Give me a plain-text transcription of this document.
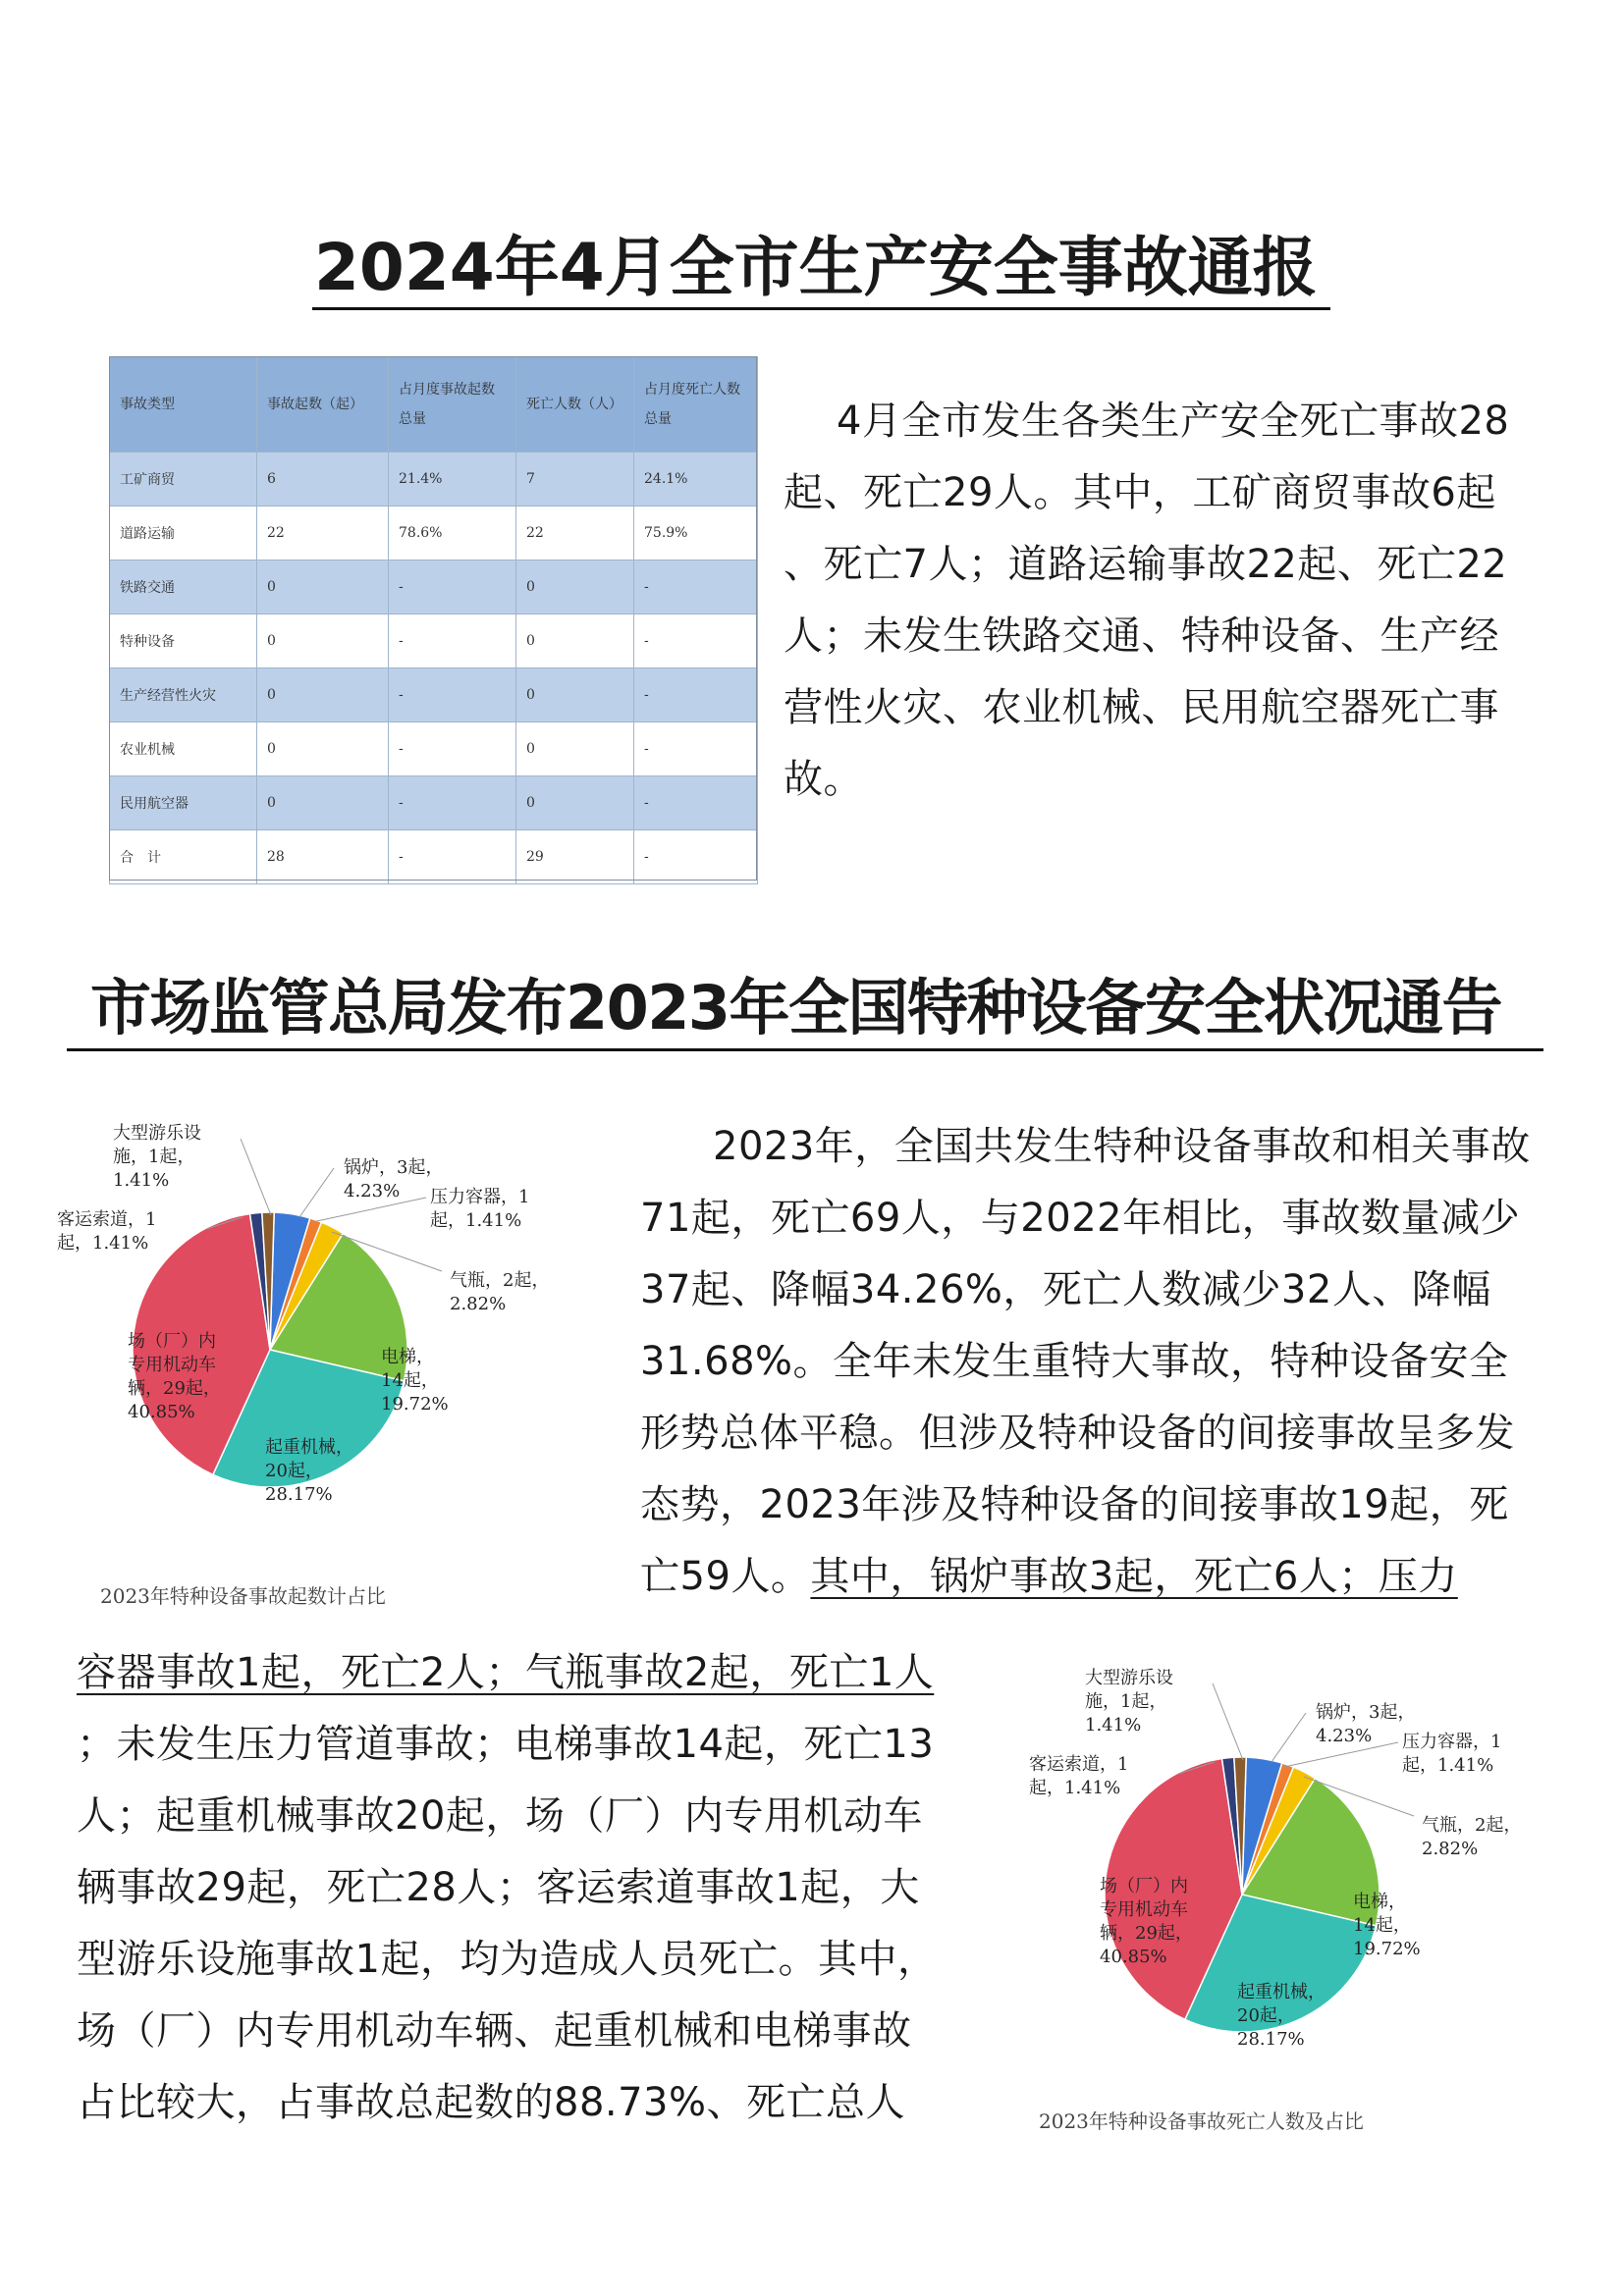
2024年4月全市生产安全事故通报
事故类型	事故起数（起）	占月度事故起数总量	死亡人数（人）	占月度死亡人数总量
工矿商贸	6	21.4%	7	24.1%
道路运输	22	78.6%	22	75.9%
铁路交通	0	-	0	-
特种设备	0	-	0	-
生产经营性火灾	0	-	0	-
农业机械	0	-	0	-
民用航空器	0	-	0	-
合　计	28	-	29	-

4月全市发生各类生产安全死亡事故28

起、死亡29人。其中，工矿商贸事故6起

、死亡7人；道路运输事故22起、死亡22

人；未发生铁路交通、特种设备、生产经

营性火灾、农业机械、民用航空器死亡事

故。

市场监管总局发布2023年全国特种设备安全状况通告
锅炉，3起， 4.23%	压力容器，1 起，1.41%
气瓶，2起， 2.82%
电梯， 14起， 19.72%
起重机械， 20起， 28.17%
场（厂）内专用机动车辆，29起， 40.85%
客运索道，1 起，1.41%
大型游乐设施，1起， 1.41%
2023年特种设备事故起数计占比

2023年，全国共发生特种设备事故和相关事故

71起，死亡69人，与2022年相比，事故数量减少

37起、降幅34.26%，死亡人数减少32人、降幅

31.68%。全年未发生重特大事故，特种设备安全

形势总体平稳。但涉及特种设备的间接事故呈多发

态势，2023年涉及特种设备的间接事故19起，死

亡59人。其中，锅炉事故3起，死亡6人；压力

容器事故1起，死亡2人；气瓶事故2起，死亡1人

；未发生压力管道事故；电梯事故14起，死亡13

人；起重机械事故20起，场（厂）内专用机动车

辆事故29起，死亡28人；客运索道事故1起，大

型游乐设施事故1起，均为造成人员死亡。其中，

场（厂）内专用机动车辆、起重机械和电梯事故

占比较大，占事故总起数的88.73%、死亡总人

锅炉，3起， 4.23%	压力容器，1 起，1.41%
气瓶，2起， 2.82%
电梯， 14起， 19.72%
起重机械， 20起， 28.17%
场（厂）内专用机动车辆，29起， 40.85%
客运索道，1 起，1.41%
大型游乐设施，1起， 1.41%
2023年特种设备事故死亡人数及占比
